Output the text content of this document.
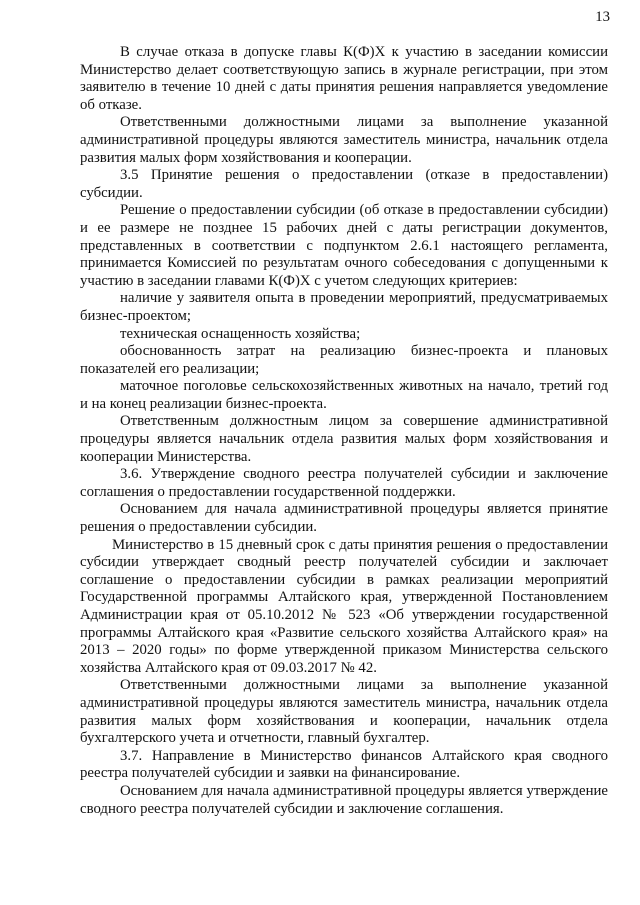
13

В случае отказа в допуске главы К(Ф)Х к участию в заседании комиссии Министерство делает соответствующую запись в журнале регистрации, при этом заявителю в течение 10 дней с даты принятия решения направляется уведомление об отказе.

Ответственными должностными лицами за выполнение указанной административной процедуры являются заместитель министра, начальник отдела развития малых форм хозяйствования и кооперации.

3.5 Принятие решения о предоставлении (отказе в предоставлении) субсидии.

Решение о предоставлении субсидии (об отказе в предоставлении субсидии) и ее размере не позднее 15 рабочих дней с даты регистрации документов, представленных в соответствии с подпунктом 2.6.1 настоящего регламента, принимается Комиссией по результатам очного собеседования с допущенными к участию в заседании главами К(Ф)Х с учетом следующих критериев:

наличие у заявителя опыта в проведении мероприятий, предусматриваемых бизнес-проектом;

техническая оснащенность хозяйства;

обоснованность затрат на реализацию бизнес-проекта и плановых показателей его реализации;

маточное поголовье сельскохозяйственных животных на начало, третий год и на конец реализации бизнес-проекта.

Ответственным должностным лицом за совершение административной процедуры является начальник отдела развития малых форм хозяйствования и кооперации Министерства.

3.6. Утверждение сводного реестра получателей субсидии и заключение соглашения о предоставлении государственной поддержки.

Основанием для начала административной процедуры является принятие решения о предоставлении субсидии.

Министерство в 15 дневный срок с даты принятия решения о предоставлении субсидии утверждает сводный реестр получателей субсидии и заключает соглашение о предоставлении субсидии в рамках реализации мероприятий Государственной программы Алтайского края, утвержденной Постановлением Администрации края от 05.10.2012 № 523 «Об утверждении государственной программы Алтайского края «Развитие сельского хозяйства Алтайского края» на 2013 – 2020 годы» по форме утвержденной приказом Министерства сельского хозяйства Алтайского края от 09.03.2017 № 42.

Ответственными должностными лицами за выполнение указанной административной процедуры являются заместитель министра, начальник отдела развития малых форм хозяйствования и кооперации, начальник отдела бухгалтерского учета и отчетности, главный бухгалтер.

3.7. Направление в Министерство финансов Алтайского края сводного реестра получателей субсидии и заявки на финансирование.

Основанием для начала административной процедуры является утверждение сводного реестра получателей субсидии и заключение соглашения.
